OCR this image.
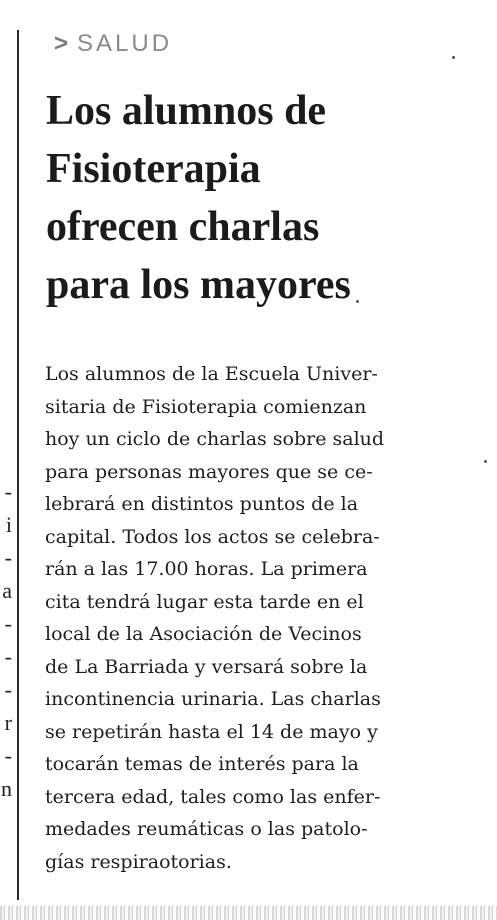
-
i
-
a
-
-
-
r
-
n
> SALUD
Los alumnos de
Fisioterapia
ofrecen charlas
para los mayores
Los alumnos de la Escuela Univer-
sitaria de Fisioterapia comienzan
hoy un ciclo de charlas sobre salud
para personas mayores que se ce-
lebrará en distintos puntos de la
capital. Todos los actos se celebra-
rán a las 17.00 horas. La primera
cita tendrá lugar esta tarde en el
local de la Asociación de Vecinos
de La Barriada y versará sobre la
incontinencia urinaria. Las charlas
se repetirán hasta el 14 de mayo y
tocarán temas de interés para la
tercera edad, tales como las enfer-
medades reumáticas o las patolo-
gías respiraotorias.
